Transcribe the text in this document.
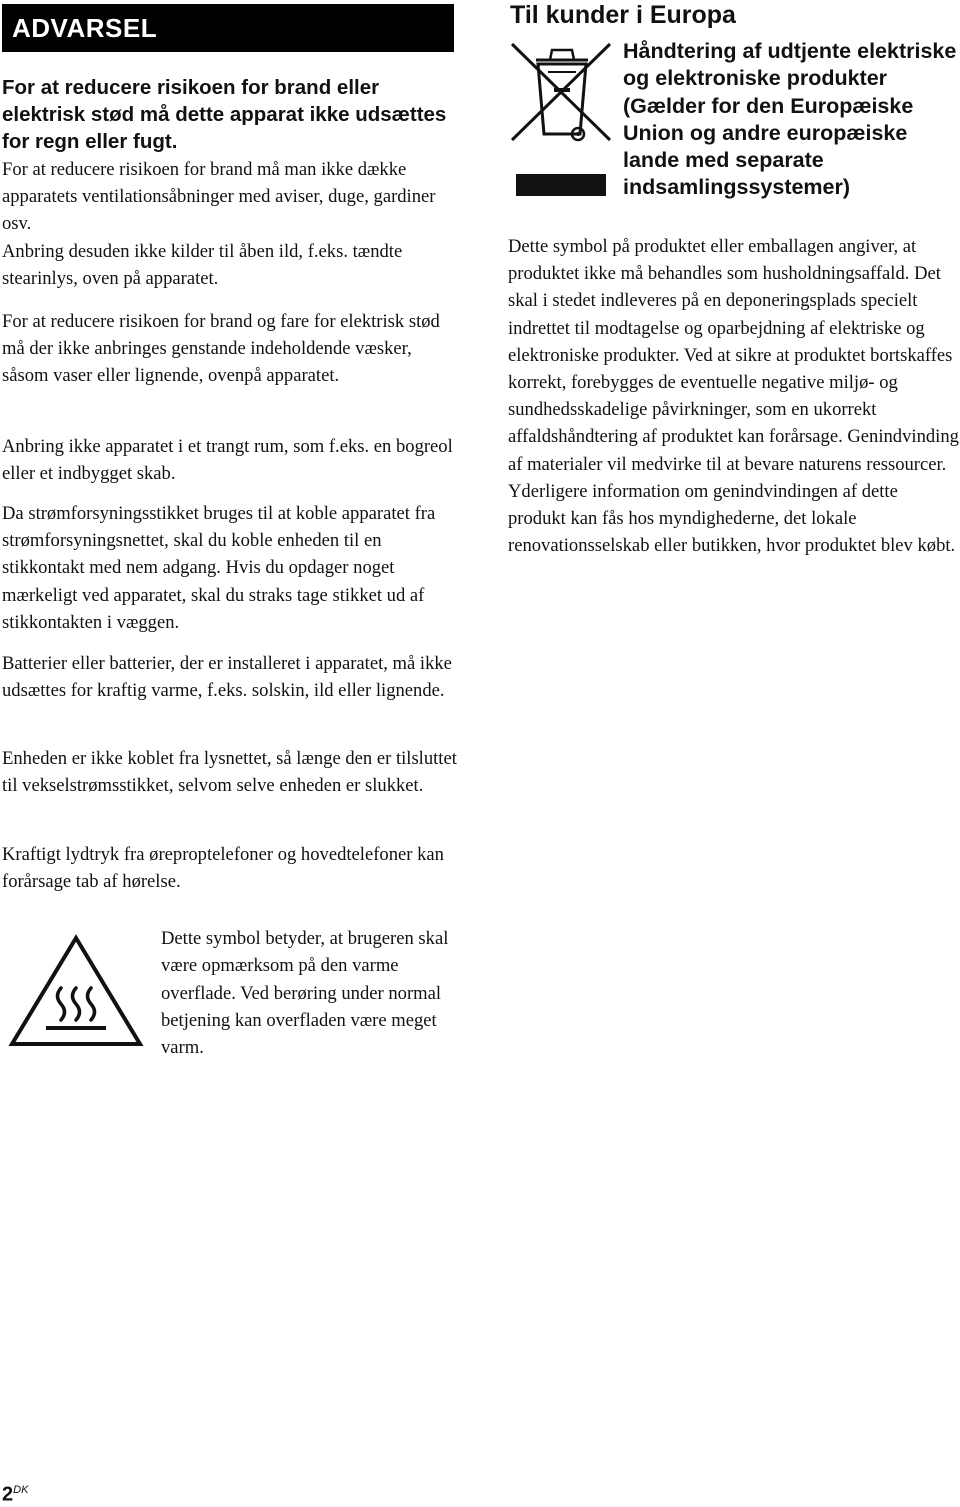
ADVARSEL

For at reducere risikoen for brand eller elektrisk stød må dette apparat ikke udsættes for regn eller fugt.

For at reducere risikoen for brand må man ikke dække apparatets ventilationsåbninger med aviser, duge, gardiner osv.

Anbring desuden ikke kilder til åben ild, f.eks. tændte stearinlys, oven på apparatet.

For at reducere risikoen for brand og fare for elektrisk stød må der ikke anbringes genstande indeholdende væsker, såsom vaser eller lignende, ovenpå apparatet.

Anbring ikke apparatet i et trangt rum, som f.eks. en bogreol eller et indbygget skab.

Da strømforsyningsstikket bruges til at koble apparatet fra strømforsyningsnettet, skal du koble enheden til en stikkontakt med nem adgang. Hvis du opdager noget mærkeligt ved apparatet, skal du straks tage stikket ud af stikkontakten i væggen.

Batterier eller batterier, der er installeret i apparatet, må ikke udsættes for kraftig varme, f.eks. solskin, ild eller lignende.

Enheden er ikke koblet fra lysnettet, så længe den er tilsluttet til vekselstrømsstikket, selvom selve enheden er slukket.

Kraftigt lydtryk fra øreproptelefoner og hovedtelefoner kan forårsage tab af hørelse.

Dette symbol betyder, at brugeren skal være opmærksom på den varme overflade. Ved berøring under normal betjening kan overfladen være meget varm.

Til kunder i Europa
Håndtering af udtjente elektriske og elektroniske produkter (Gælder for den Europæiske Union og andre europæiske lande med separate indsamlingssystemer)

Dette symbol på produktet eller emballagen angiver, at produktet ikke må behandles som husholdningsaffald. Det skal i stedet indleveres på en deponeringsplads specielt indrettet til modtagelse og oparbejdning af elektriske og elektroniske produkter. Ved at sikre at produktet bortskaffes korrekt, forebygges de eventuelle negative miljø- og sundhedsskadelige påvirkninger, som en ukorrekt affaldshåndtering af produktet kan forårsage. Genindvinding af materialer vil medvirke til at bevare naturens ressourcer. Yderligere information om genindvindingen af dette produkt kan fås hos myndighederne, det lokale renovationsselskab eller butikken, hvor produktet blev købt.

$2^{DK}$
